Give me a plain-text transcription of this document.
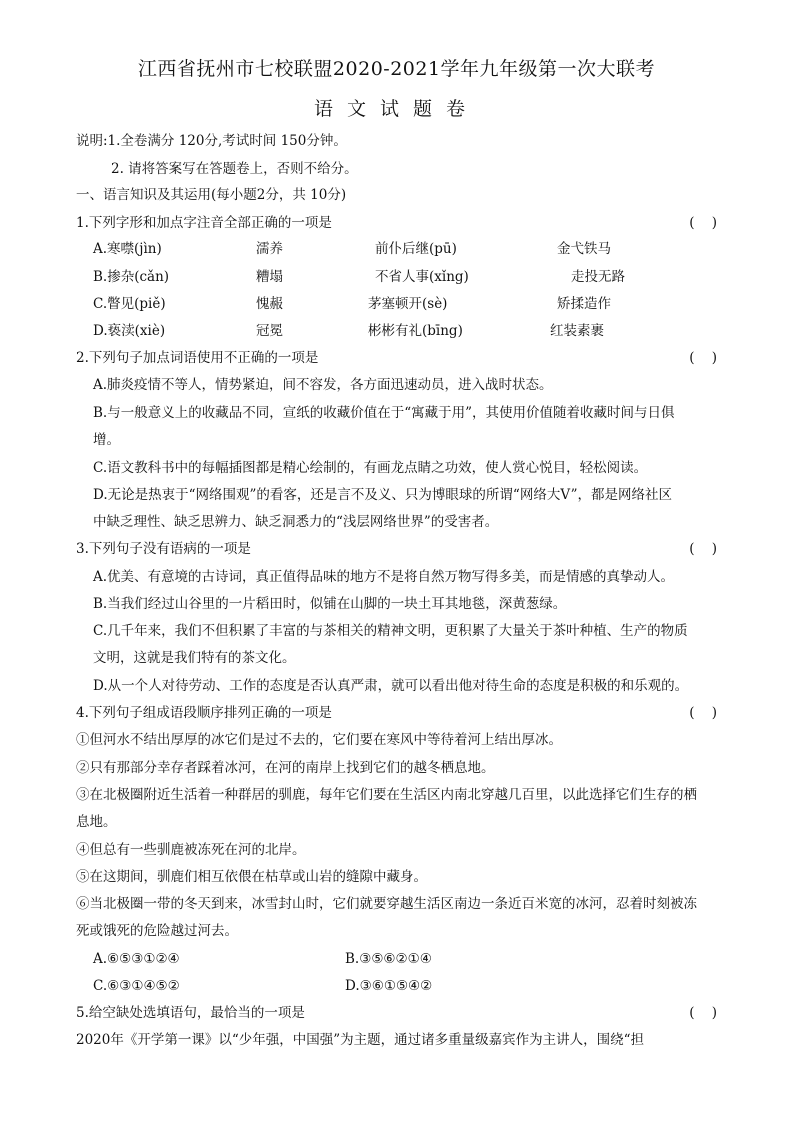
江西省抚州市七校联盟2020-2021学年九年级第一次大联考
语文试题卷
说明:1.全卷满分 120分,考试时间 150分钟。
2. 请将答案写在答题卷上，否则不给分。
一、语言知识及其运用(每小题2分，共 10分)
1.下列字形和加点字注音全部正确的一项是	(    )
A.寒噤(jìn)	濡养	前仆后继(pū)	金弋铁马
B.掺杂(cǎn)	糟塌	不省人事(xǐng)	走投无路
C.瞥见(piě)	愧赧	茅塞顿开(sè)	矫揉造作
D.亵渎(xiè)	冠冕	彬彬有礼(bīng)	红装素裹
2.下列句子加点词语使用不正确的一项是	(    )
A.肺炎疫情不等人，情势紧迫，间不容发，各方面迅速动员，进入战时状态。
B.与一般意义上的收藏品不同，宣纸的收藏价值在于“寓藏于用”，其使用价值随着收藏时间与日俱
增。
C.语文教科书中的每幅插图都是精心绘制的，有画龙点睛之功效，使人赏心悦目，轻松阅读。
D.无论是热衷于“网络围观”的看客，还是言不及义、只为博眼球的所谓“网络大V”，都是网络社区
中缺乏理性、缺乏思辨力、缺乏洞悉力的“浅层网络世界”的受害者。
3.下列句子没有语病的一项是	(    )
A.优美、有意境的古诗词，真正值得品味的地方不是将自然万物写得多美，而是情感的真挚动人。
B.当我们经过山谷里的一片稻田时，似铺在山脚的一块土耳其地毯，深黄葱绿。
C.几千年来，我们不但积累了丰富的与茶相关的精神文明，更积累了大量关于茶叶种植、生产的物质
文明，这就是我们特有的茶文化。
D.从一个人对待劳动、工作的态度是否认真严肃，就可以看出他对待生命的态度是积极的和乐观的。
4.下列句子组成语段顺序排列正确的一项是	(    )
①但河水不结出厚厚的冰它们是过不去的，它们要在寒风中等待着河上结出厚冰。
②只有那部分幸存者踩着冰河，在河的南岸上找到它们的越冬栖息地。
③在北极圈附近生活着一种群居的驯鹿，每年它们要在生活区内南北穿越几百里，以此选择它们生存的栖
息地。
④但总有一些驯鹿被冻死在河的北岸。
⑤在这期间，驯鹿们相互依偎在枯草或山岩的缝隙中藏身。
⑥当北极圈一带的冬天到来，冰雪封山时，它们就要穿越生活区南边一条近百米宽的冰河，忍着时刻被冻
死或饿死的危险越过河去。
A.⑥⑤③①②④	B.③⑤⑥②①④
C.⑥③①④⑤②	D.③⑥①⑤④②
5.给空缺处选填语句，最恰当的一项是	(    )
2020年《开学第一课》以“少年强，中国强”为主题，通过诸多重量级嘉宾作为主讲人，围绕“担
